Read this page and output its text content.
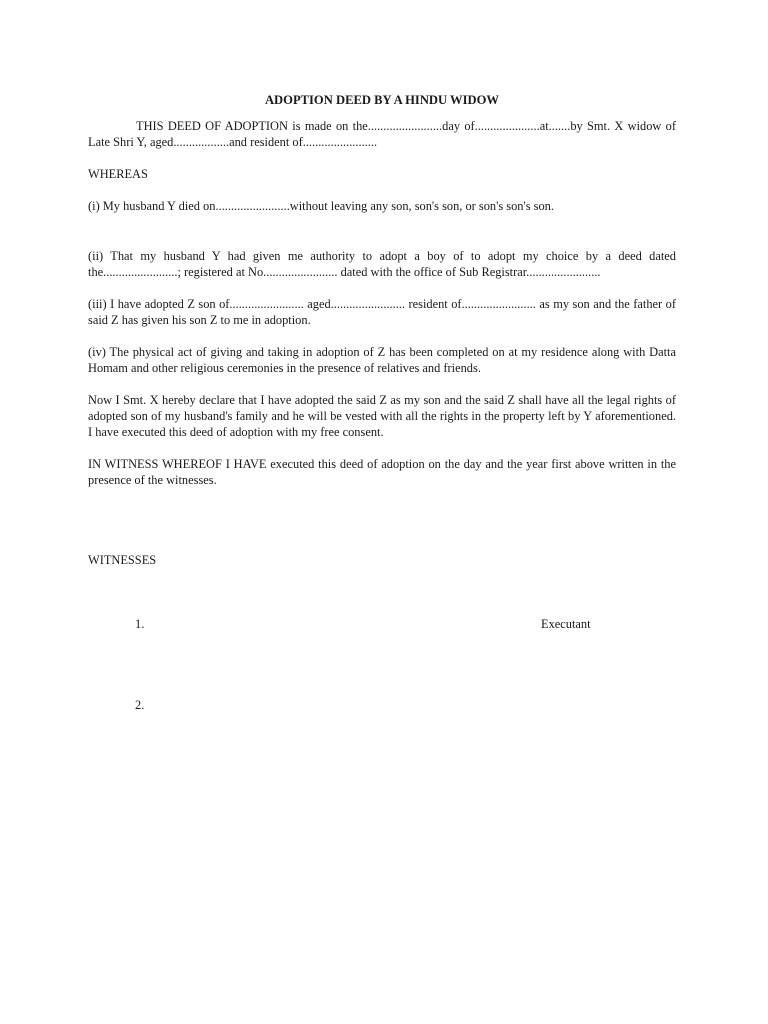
ADOPTION DEED BY A HINDU WIDOW

THIS DEED OF ADOPTION is made on the........................day of.....................at.......by Smt. X widow of Late Shri Y, aged..................and resident of........................

WHEREAS

(i) My husband Y died on........................without leaving any son, son's son, or son's son's son.

(ii) That my husband Y had given me authority to adopt a boy of to adopt my choice by a deed dated the........................; registered at No........................ dated with the office of Sub Registrar........................

(iii) I have adopted Z son of........................ aged........................ resident of........................ as my son and the father of said Z has given his son Z to me in adoption.

(iv) The physical act of giving and taking in adoption of Z has been completed on at my residence along with Datta Homam and other religious ceremonies in the presence of relatives and friends.

Now I Smt. X hereby declare that I have adopted the said Z as my son and the said Z shall have all the legal rights of adopted son of my husband's family and he will be vested with all the rights in the property left by Y aforementioned. I have executed this deed of adoption with my free consent.

IN WITNESS WHEREOF I HAVE executed this deed of adoption on the day and the year first above written in the presence of the witnesses.

WITNESSES

1.	Executant
2.
